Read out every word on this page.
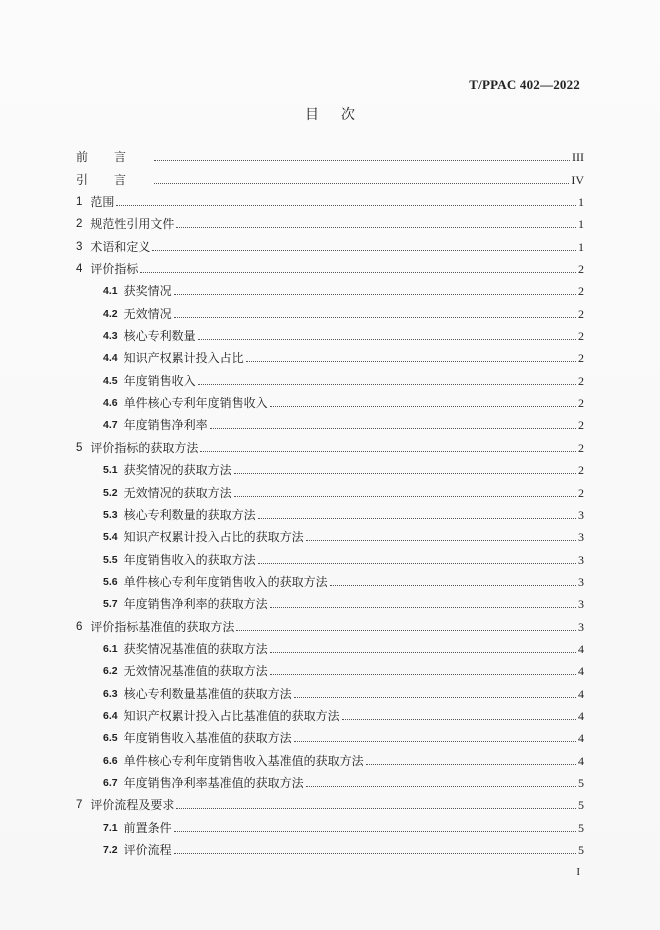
T/PPAC 402—2022
目次
前言	III
引言	IV
1 范围	1
2 规范性引用文件	1
3 术语和定义	1
4 评价指标	2
4.1 获奖情况	2
4.2 无效情况	2
4.3 核心专利数量	2
4.4 知识产权累计投入占比	2
4.5 年度销售收入	2
4.6 单件核心专利年度销售收入	2
4.7 年度销售净利率	2
5 评价指标的获取方法	2
5.1 获奖情况的获取方法	2
5.2 无效情况的获取方法	2
5.3 核心专利数量的获取方法	3
5.4 知识产权累计投入占比的获取方法	3
5.5 年度销售收入的获取方法	3
5.6 单件核心专利年度销售收入的获取方法	3
5.7 年度销售净利率的获取方法	3
6 评价指标基准值的获取方法	3
6.1 获奖情况基准值的获取方法	4
6.2 无效情况基准值的获取方法	4
6.3 核心专利数量基准值的获取方法	4
6.4 知识产权累计投入占比基准值的获取方法	4
6.5 年度销售收入基准值的获取方法	4
6.6 单件核心专利年度销售收入基准值的获取方法	4
6.7 年度销售净利率基准值的获取方法	5
7 评价流程及要求	5
7.1 前置条件	5
7.2 评价流程	5
I
